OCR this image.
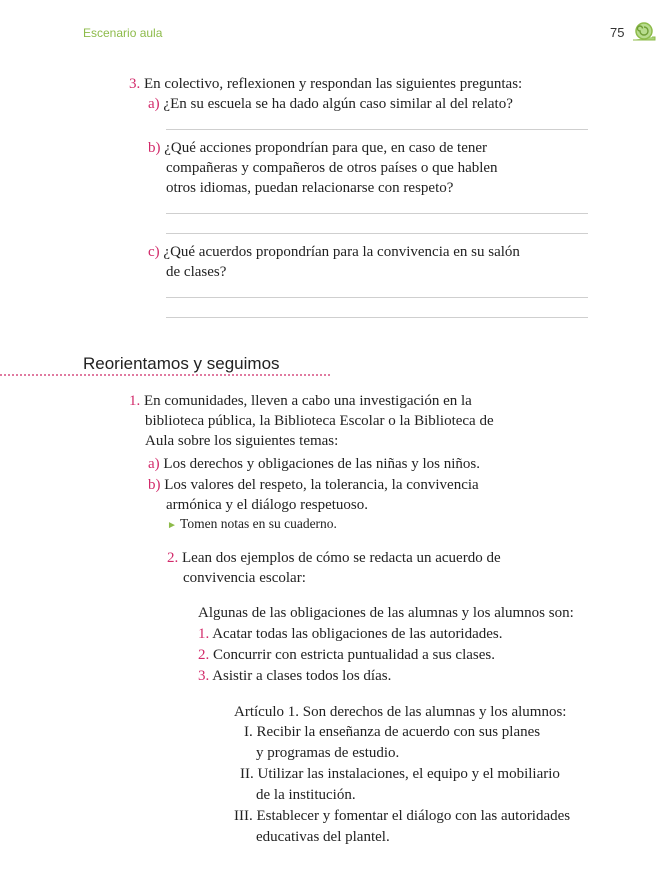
Escenario aula	75
3. En colectivo, reflexionen y respondan las siguientes preguntas:
a) ¿En su escuela se ha dado algún caso similar al del relato?
b) ¿Qué acciones propondrían para que, en caso de tener
compañeras y compañeros de otros países o que hablen
otros idiomas, puedan relacionarse con respeto?
c) ¿Qué acuerdos propondrían para la convivencia en su salón
de clases?
Reorientamos y seguimos
1. En comunidades, lleven a cabo una investigación en la
biblioteca pública, la Biblioteca Escolar o la Biblioteca de
Aula sobre los siguientes temas:
a) Los derechos y obligaciones de las niñas y los niños.
b) Los valores del respeto, la tolerancia, la convivencia
armónica y el diálogo respetuoso.
► Tomen notas en su cuaderno.
2. Lean dos ejemplos de cómo se redacta un acuerdo de
convivencia escolar:
Algunas de las obligaciones de las alumnas y los alumnos son:
1. Acatar todas las obligaciones de las autoridades.
2. Concurrir con estricta puntualidad a sus clases.
3. Asistir a clases todos los días.
Artículo 1. Son derechos de las alumnas y los alumnos:
I. Recibir la enseñanza de acuerdo con sus planes
y programas de estudio.
II. Utilizar las instalaciones, el equipo y el mobiliario
de la institución.
III. Establecer y fomentar el diálogo con las autoridades
educativas del plantel.
